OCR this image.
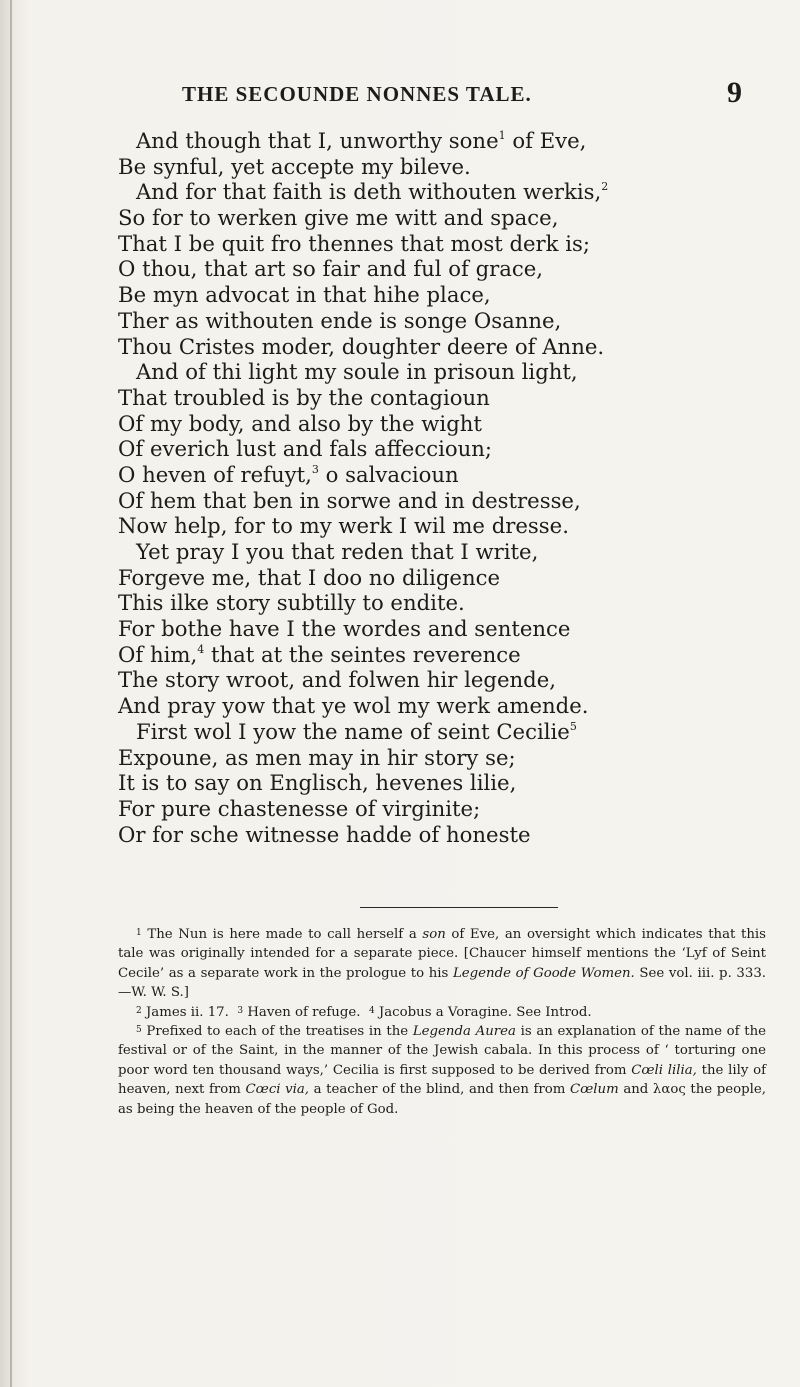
THE SECOUNDE NONNES TALE.	9
And though that I, unworthy sone$^1$ of Eve,
Be synful, yet accepte my bileve.
And for that faith is deth withouten werkis,$^2$
So for to werken give me witt and space,
That I be quit fro thennes that most derk is;
O thou, that art so fair and ful of grace,
Be myn advocat in that hihe place,
Ther as withouten ende is songe Osanne,
Thou Cristes moder, doughter deere of Anne.
And of thi light my soule in prisoun light,
That troubled is by the contagioun
Of my body, and also by the wight
Of everich lust and fals affeccioun;
O heven of refuyt,$^3$ o salvacioun
Of hem that ben in sorwe and in destresse,
Now help, for to my werk I wil me dresse.
Yet pray I you that reden that I write,
Forgeve me, that I doo no diligence
This ilke story subtilly to endite.
For bothe have I the wordes and sentence
Of him,$^4$ that at the seintes reverence
The story wroot, and folwen hir legende,
And pray yow that ye wol my werk amende.
First wol I yow the name of seint Cecilie$^5$
Expoune, as men may in hir story se;
It is to say on Englisch, hevenes lilie,
For pure chastenesse of virginite;
Or for sche witnesse hadde of honeste

$^1$ The Nun is here made to call herself a son of Eve, an oversight which indicates that this tale was originally intended for a separate piece. [Chaucer himself mentions the ‘Lyf of Seint Cecile’ as a separate work in the prologue to his Legende of Goode Women. See vol. iii. p. 333.—W. W. S.]

$^2$ James ii. 17. $^3$ Haven of refuge. $^4$ Jacobus a Voragine. See Introd.

$^5$ Prefixed to each of the treatises in the Legenda Aurea is an explanation of the name of the festival or of the Saint, in the manner of the Jewish cabala. In this process of ‘ torturing one poor word ten thousand ways,’ Cecilia is first supposed to be derived from Cœli lilia, the lily of heaven, next from Cœci via, a teacher of the blind, and then from Cœlum and λαος the people, as being the heaven of the people of God.
